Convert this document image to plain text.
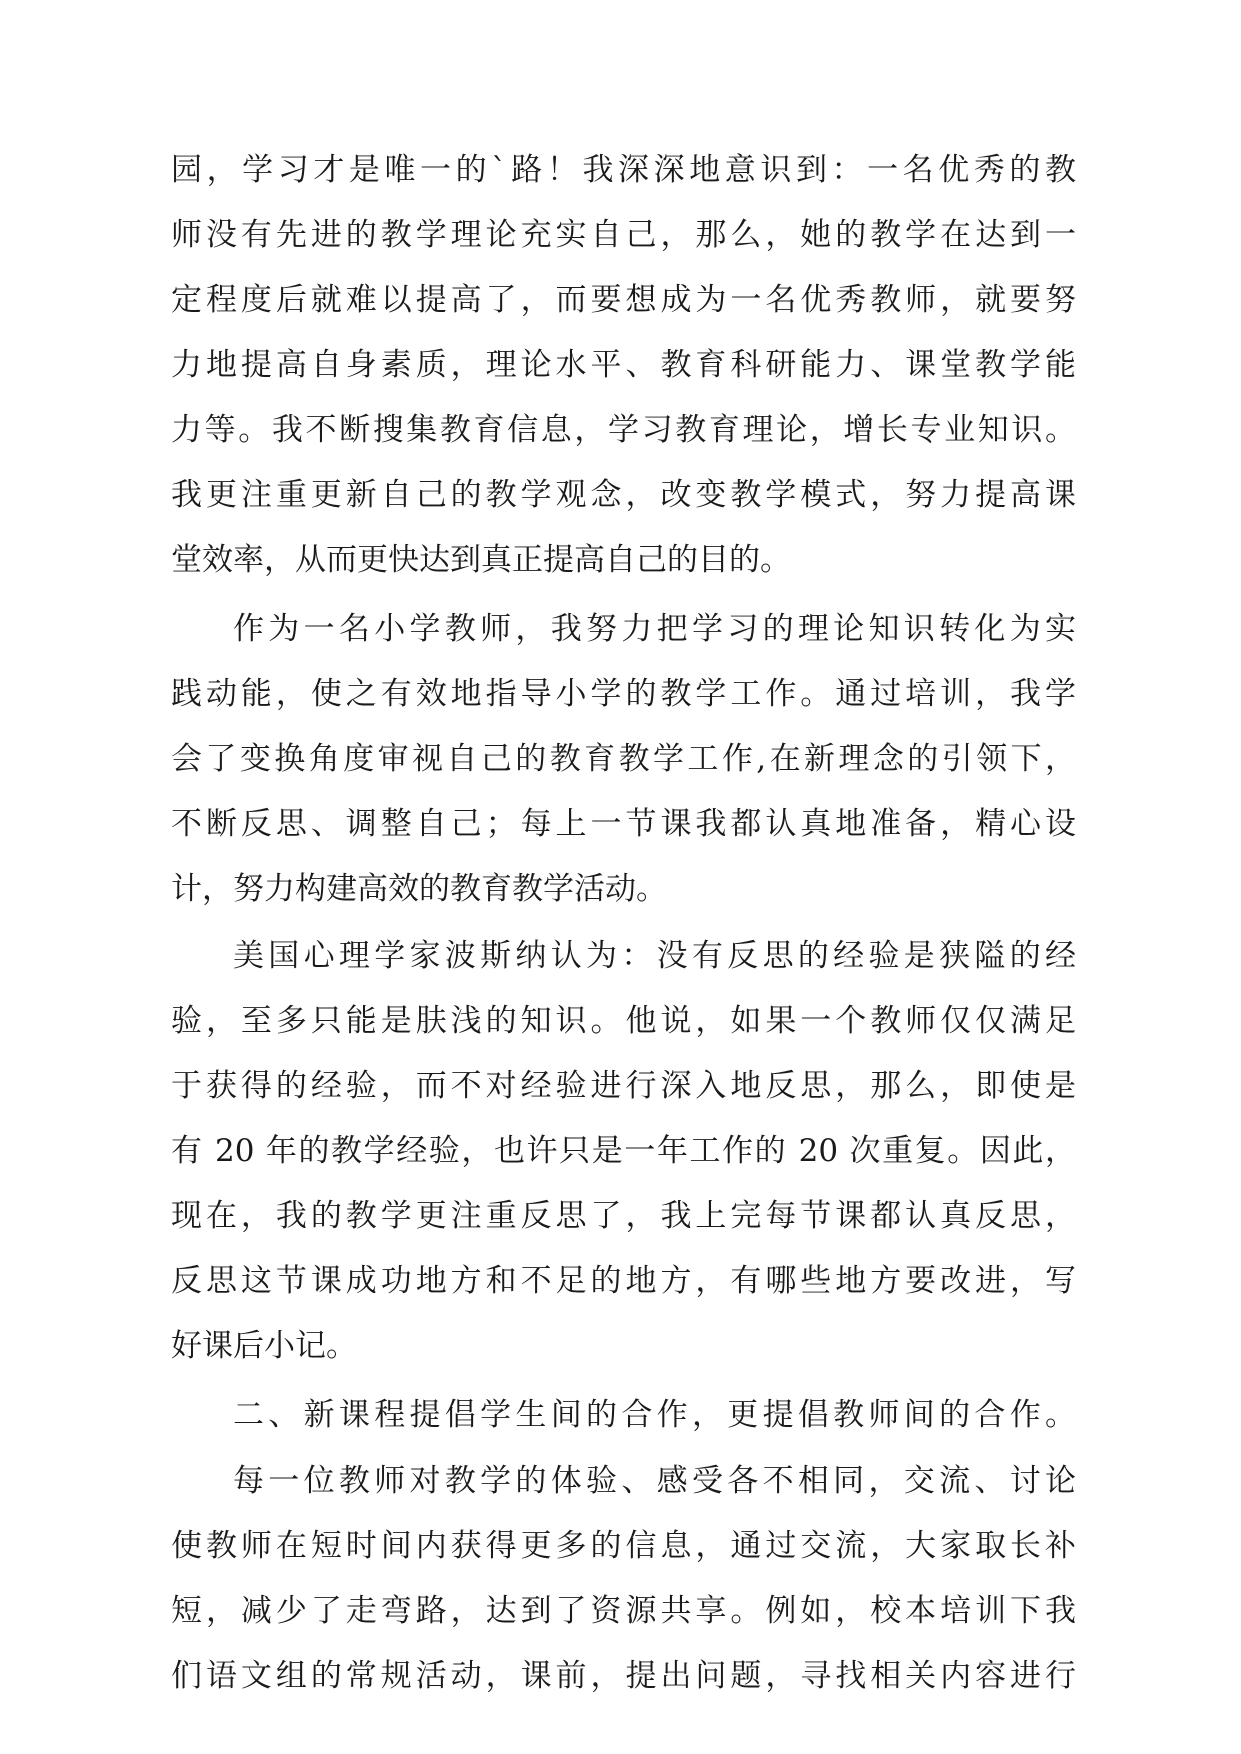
园，学习才是唯一的`路！我深深地意识到：一名优秀的教
师没有先进的教学理论充实自己，那么，她的教学在达到一
定程度后就难以提高了，而要想成为一名优秀教师，就要努
力地提高自身素质，理论水平、教育科研能力、课堂教学能
力等。我不断搜集教育信息，学习教育理论，增长专业知识。
我更注重更新自己的教学观念，改变教学模式，努力提高课
堂效率，从而更快达到真正提高自己的目的。
作为一名小学教师，我努力把学习的理论知识转化为实
践动能，使之有效地指导小学的教学工作。通过培训，我学
会了变换角度审视自己的教育教学工作,在新理念的引领下，
不断反思、调整自己；每上一节课我都认真地准备，精心设
计，努力构建高效的教育教学活动。
美国心理学家波斯纳认为：没有反思的经验是狭隘的经
验，至多只能是肤浅的知识。他说，如果一个教师仅仅满足
于获得的经验，而不对经验进行深入地反思，那么，即使是
有 20 年的教学经验，也许只是一年工作的 20 次重复。因此，
现在，我的教学更注重反思了，我上完每节课都认真反思，
反思这节课成功地方和不足的地方，有哪些地方要改进，写
好课后小记。
二、新课程提倡学生间的合作，更提倡教师间的合作。
每一位教师对教学的体验、感受各不相同，交流、讨论
使教师在短时间内获得更多的信息，通过交流，大家取长补
短，减少了走弯路，达到了资源共享。例如，校本培训下我
们语文组的常规活动，课前，提出问题，寻找相关内容进行
